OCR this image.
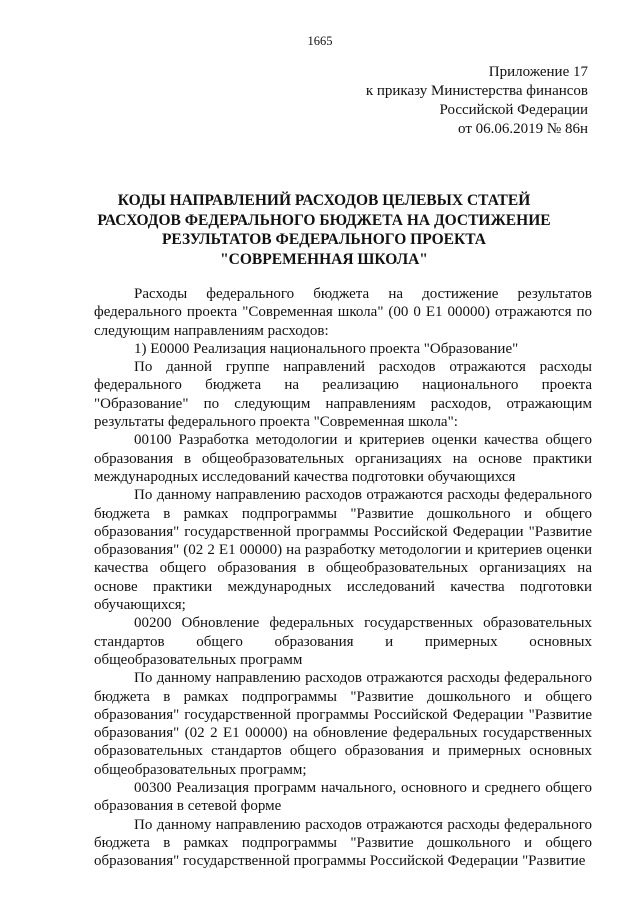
1665
Приложение 17
к приказу Министерства финансов
Российской Федерации
от 06.06.2019 № 86н
КОДЫ НАПРАВЛЕНИЙ РАСХОДОВ ЦЕЛЕВЫХ СТАТЕЙ
РАСХОДОВ ФЕДЕРАЛЬНОГО БЮДЖЕТА НА ДОСТИЖЕНИЕ
РЕЗУЛЬТАТОВ ФЕДЕРАЛЬНОГО ПРОЕКТА
"СОВРЕМЕННАЯ ШКОЛА"

Расходы федерального бюджета на достижение результатов федерального проекта "Современная школа" (00 0 E1 00000) отражаются по следующим направлениям расходов:

1) E0000 Реализация национального проекта "Образование"

По данной группе направлений расходов отражаются расходы федерального бюджета на реализацию национального проекта "Образование" по следующим направлениям расходов, отражающим результаты федерального проекта "Современная школа":

00100 Разработка методологии и критериев оценки качества общего образования в общеобразовательных организациях на основе практики международных исследований качества подготовки обучающихся

По данному направлению расходов отражаются расходы федерального бюджета в рамках подпрограммы "Развитие дошкольного и общего образования" государственной программы Российской Федерации "Развитие образования" (02 2 E1 00000) на разработку методологии и критериев оценки качества общего образования в общеобразовательных организациях на основе практики международных исследований качества подготовки обучающихся;

00200 Обновление федеральных государственных образовательных стандартов общего образования и примерных основных общеобразовательных программ

По данному направлению расходов отражаются расходы федерального бюджета в рамках подпрограммы "Развитие дошкольного и общего образования" государственной программы Российской Федерации "Развитие образования" (02 2 E1 00000) на обновление федеральных государственных образовательных стандартов общего образования и примерных основных общеобразовательных программ;

00300 Реализация программ начального, основного и среднего общего образования в сетевой форме

По данному направлению расходов отражаются расходы федерального бюджета в рамках подпрограммы "Развитие дошкольного и общего образования" государственной программы Российской Федерации "Развитие
